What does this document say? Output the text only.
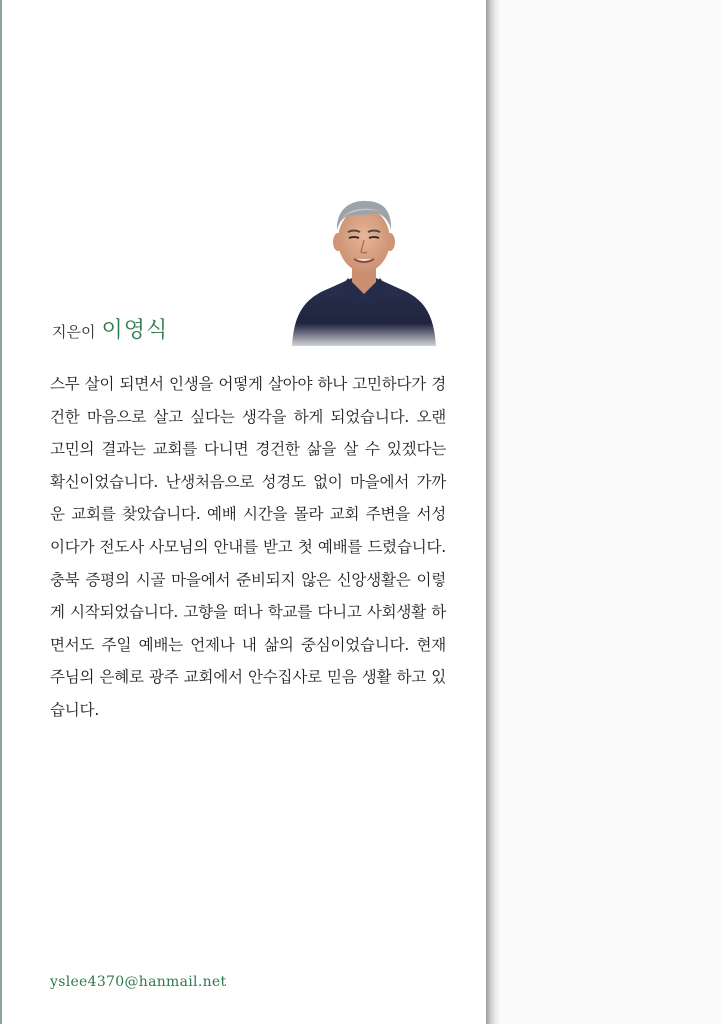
지은이 이영식

스무 살이 되면서 인생을 어떻게 살아야 하나 고민하다가 경건한 마음으로 살고 싶다는 생각을 하게 되었습니다. 오랜 고민의 결과는 교회를 다니면 경건한 삶을 살 수 있겠다는 확신이었습니다. 난생처음으로 성경도 없이 마을에서 가까운 교회를 찾았습니다. 예배 시간을 몰라 교회 주변을 서성이다가 전도사 사모님의 안내를 받고 첫 예배를 드렸습니다. 충북 증평의 시골 마을에서 준비되지 않은 신앙생활은 이렇게 시작되었습니다. 고향을 떠나 학교를 다니고 사회생활 하면서도 주일 예배는 언제나 내 삶의 중심이었습니다. 현재 주님의 은혜로 광주 교회에서 안수집사로 믿음 생활 하고 있습니다.

yslee4370@hanmail.net
